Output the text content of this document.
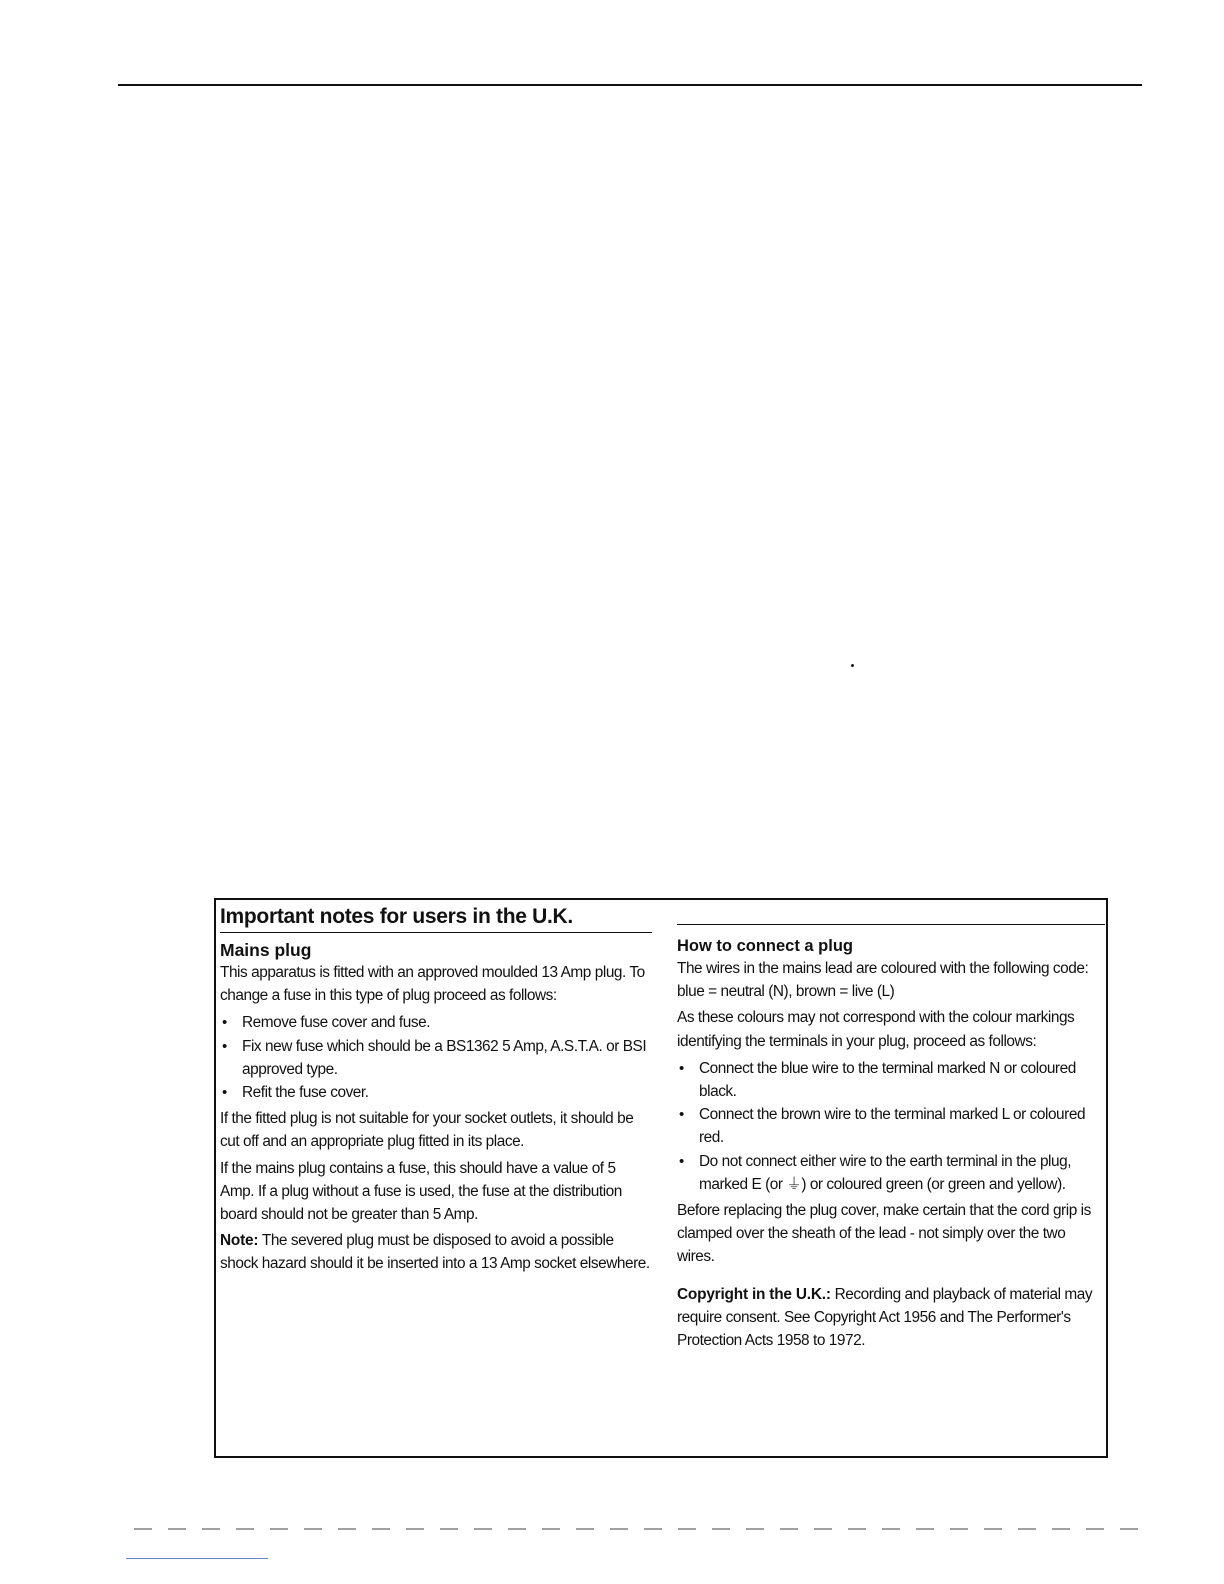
Important notes for users in the U.K.
Mains plug

This apparatus is fitted with an approved moulded 13 Amp plug. To change a fuse in this type of plug proceed as follows:

• Remove fuse cover and fuse.
• Fix new fuse which should be a BS1362 5 Amp, A.S.T.A. or BSI approved type.
• Refit the fuse cover.

If the fitted plug is not suitable for your socket outlets, it should be cut off and an appropriate plug fitted in its place.

If the mains plug contains a fuse, this should have a value of 5 Amp. If a plug without a fuse is used, the fuse at the distribution board should not be greater than 5 Amp.

Note: The severed plug must be disposed to avoid a possible shock hazard should it be inserted into a 13 Amp socket elsewhere.

How to connect a plug

The wires in the mains lead are coloured with the following code: blue = neutral (N), brown = live (L)

As these colours may not correspond with the colour markings identifying the terminals in your plug, proceed as follows:

• Connect the blue wire to the terminal marked N or coloured black.
• Connect the brown wire to the terminal marked L or coloured red.
• Do not connect either wire to the earth terminal in the plug, marked E (or ⏚) or coloured green (or green and yellow).

Before replacing the plug cover, make certain that the cord grip is clamped over the sheath of the lead - not simply over the two wires.

Copyright in the U.K.: Recording and playback of material may require consent. See Copyright Act 1956 and The Performer's Protection Acts 1958 to 1972.
